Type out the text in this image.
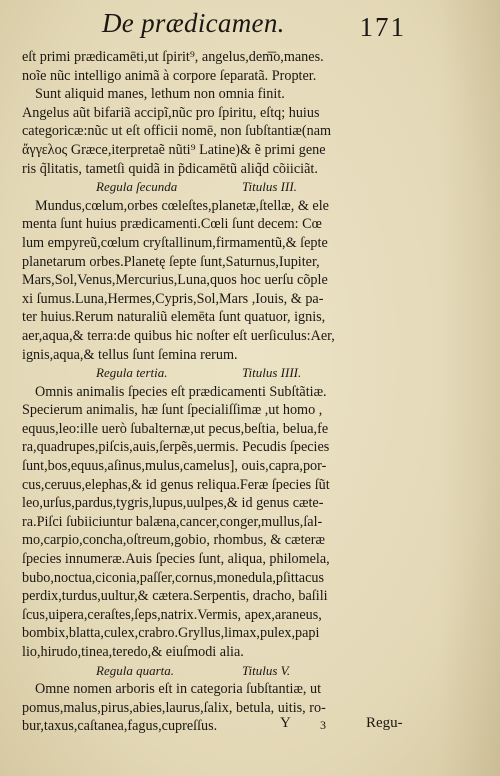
De prædicamen.	171
eſt primi prædicamēti,ut ſpirit⁹, angelus,dem͞o,manes.
noĩe nũc intelligo animã à corpore ſeparatã. Propter.
Sunt aliquid manes, lethum non omnia finit.
Angelus aũt bifariã accipĩ,nũc pro ſpiritu, eſtq; huius
categoricæ:nũc ut eſt officii nomē, non ſubſtantiæ(nam
ἄγγελος Græce,iterpretaẽ nũti⁹ Latine)& ẽ primi gene
ris q̃litatis, tametſi quidã in p̃dicamētũ aliq̃d cõiiciãt.
Regula ſecunda	Titulus III.
Mundus,cœlum,orbes cœleſtes,planetæ,ſtellæ, & ele
menta ſunt huius prædicamenti.Cœli ſunt decem: Cœ
lum empyreũ,cœlum cryſtallinum,firmamentũ,& ſepte
planetarum orbes.Planetę ſepte ſunt,Saturnus,Iupiter,
Mars,Sol,Venus,Mercurius,Luna,quos hoc uerſu cõple
xi ſumus.Luna,Hermes,Cypris,Sol,Mars ,Iouis, & pa-
ter huius.Rerum naturaliũ elemēta ſunt quatuor, ignis,
aer,aqua,& terra:de quibus hic noſter eſt uerſiculus:Aer,
ignis,aqua,& tellus ſunt ſemina rerum.
Regula tertia.	Titulus IIII.
Omnis animalis ſpecies eſt prædicamenti Subſtãtiæ.
Specierum animalis, hæ ſunt ſpecialiſſimæ ,ut homo ,
equus,leo:ille uerò ſubalternæ,ut pecus,beſtia, belua,fe
ra,quadrupes,piſcis,auis,ſerpẽs,uermis. Pecudis ſpecies
ſunt,bos,equus,aſinus,mulus,camelus], ouis,capra,por-
cus,ceruus,elephas,& id genus reliqua.Feræ ſpecies ſũt
leo,urſus,pardus,tygris,lupus,uulpes,& id genus cæte-
ra.Piſci ſubiiciuntur balæna,cancer,conger,mullus,ſal-
mo,carpio,concha,oſtreum,gobio, rhombus, & cæteræ
ſpecies innumeræ.Auis ſpecies ſunt, aliqua, philomela,
bubo,noctua,ciconia,paſſer,cornus,monedula,pſittacus
perdix,turdus,uultur,& cætera.Serpentis, dracho, baſili
ſcus,uipera,ceraſtes,ſeps,natrix.Vermis, apex,araneus,
bombix,blatta,culex,crabro.Gryllus,limax,pulex,papi
lio,hirudo,tinea,teredo,& eiuſmodi alia.
Regula quarta.	Titulus V.
Omne nomen arboris eſt in categoria ſubſtantiæ, ut
pomus,malus,pirus,abies,laurus,ſalix, betula, uitis, ro-
bur,taxus,caſtanea,fagus,cupreſſus.	Y 3	Regu-
